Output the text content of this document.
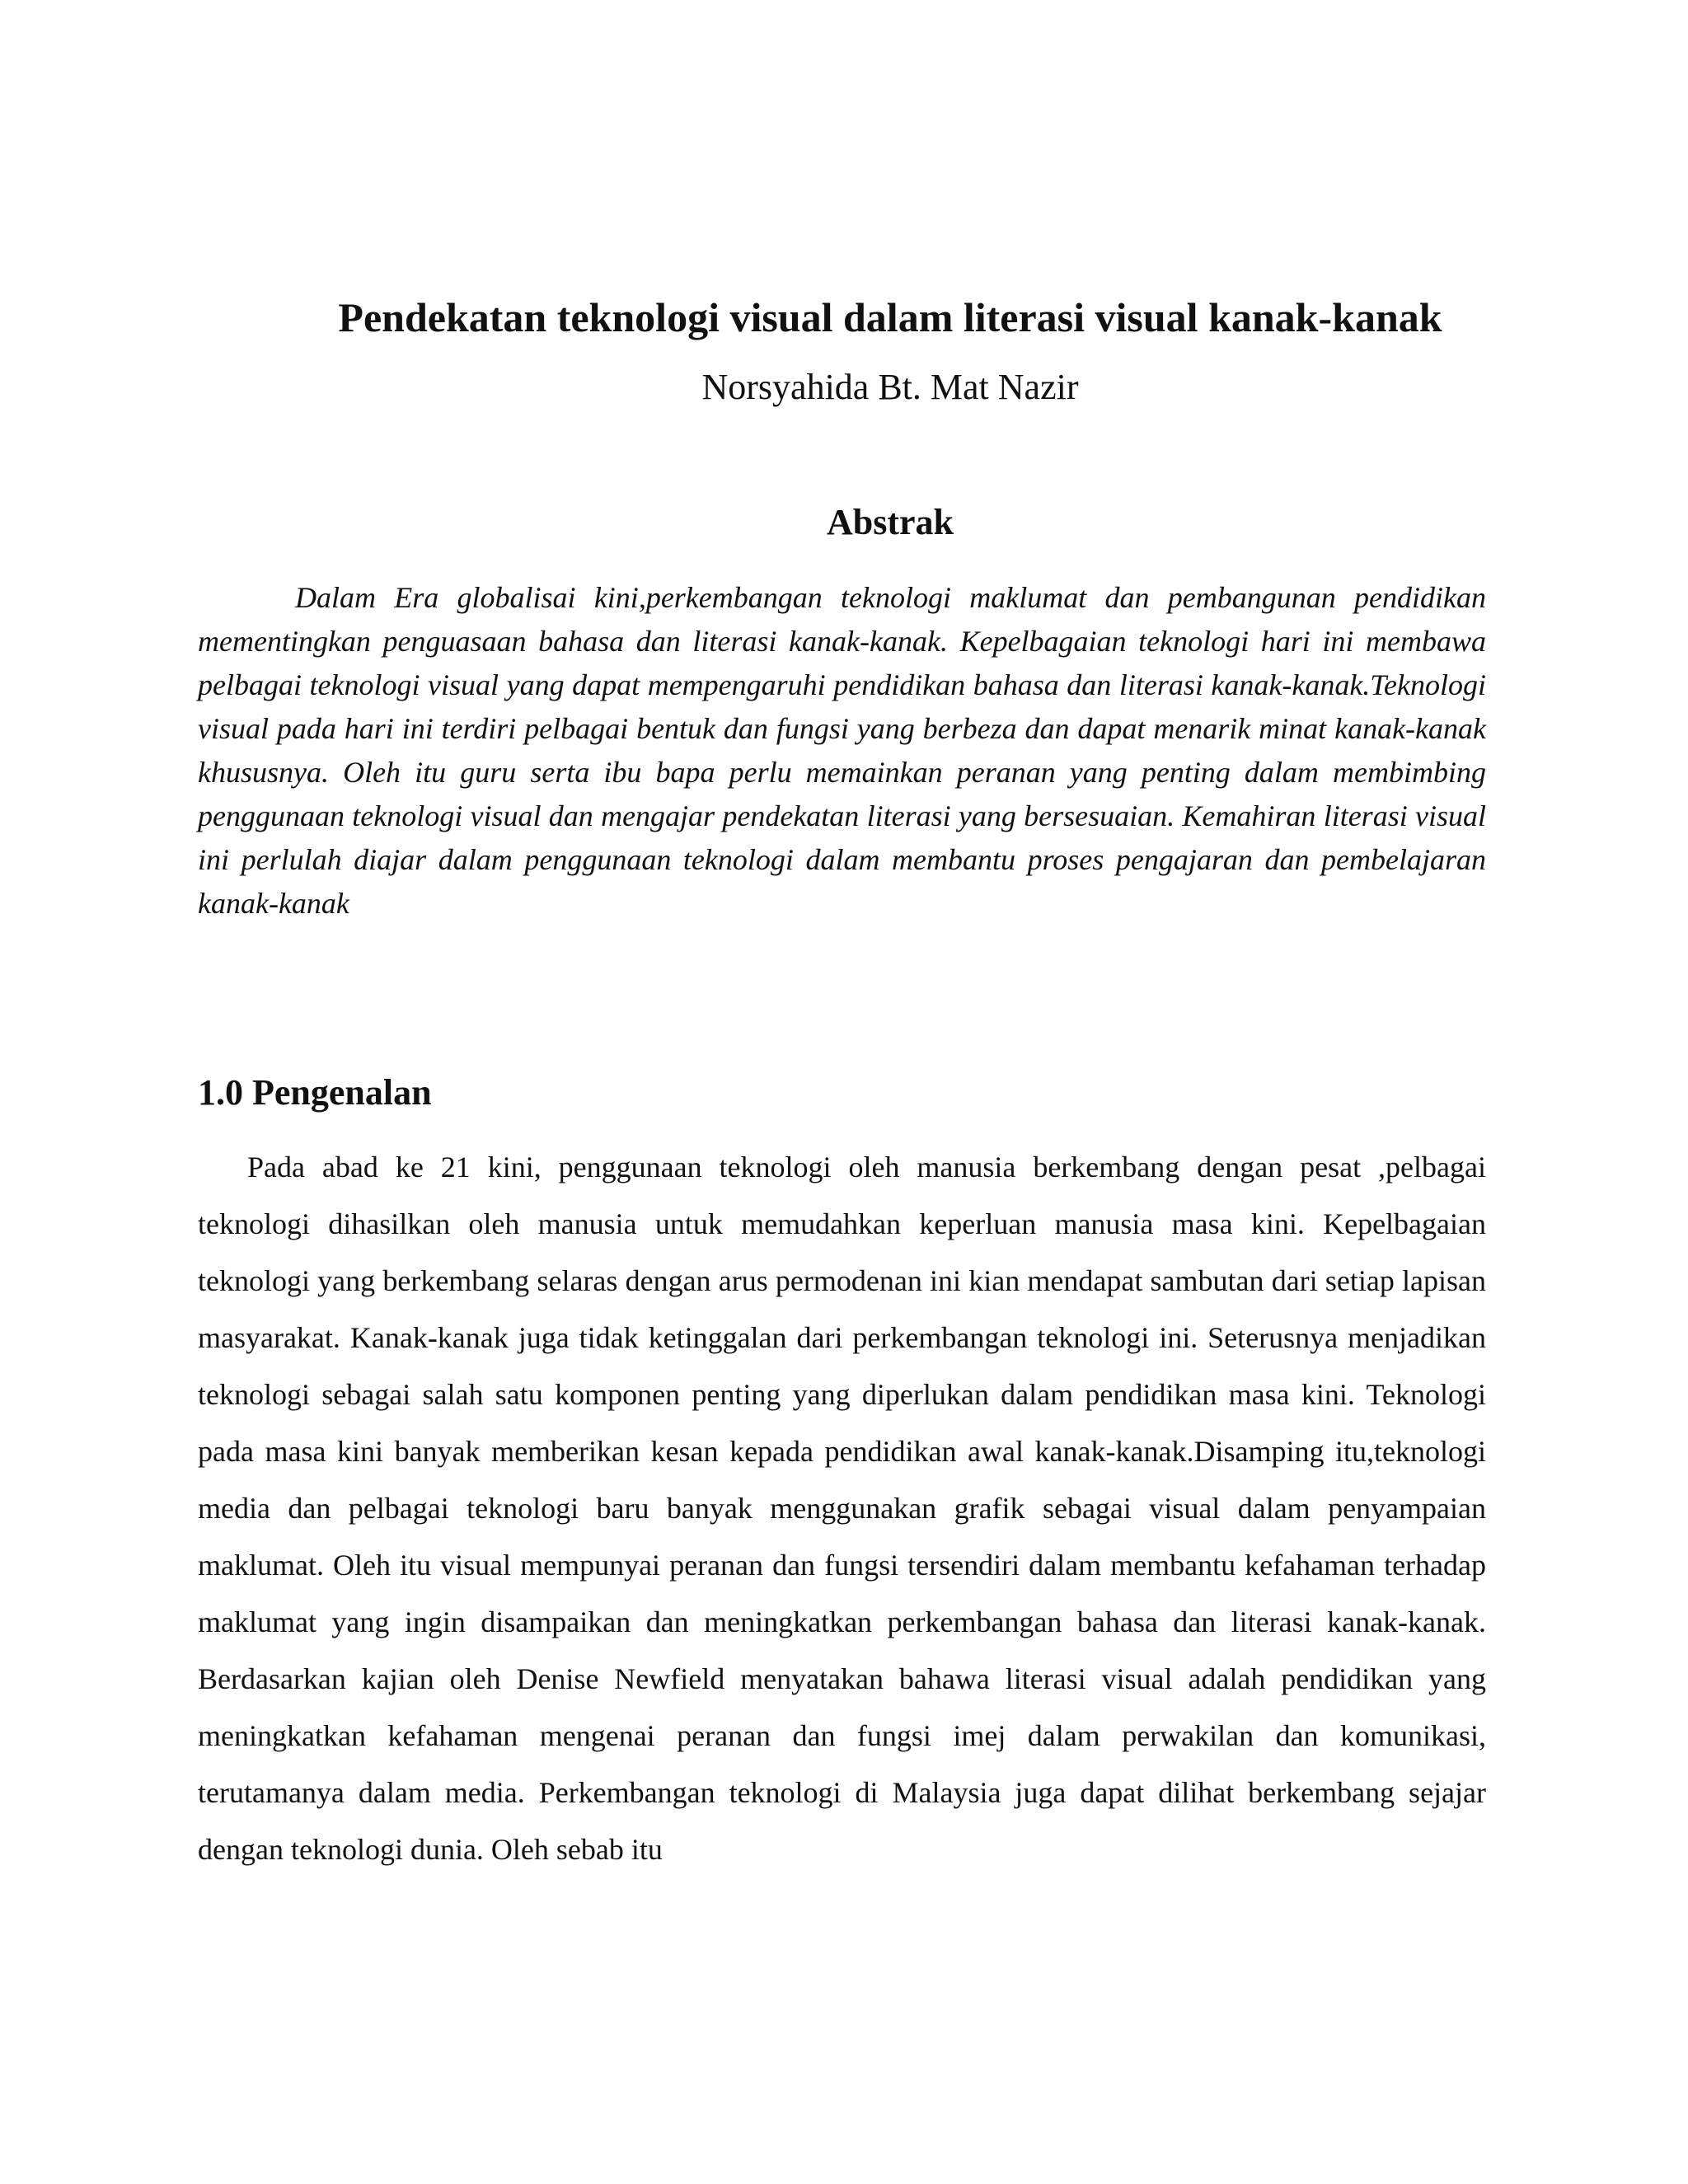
Pendekatan teknologi visual dalam literasi visual kanak-kanak

Norsyahida Bt. Mat Nazir

Abstrak

Dalam Era globalisai kini,perkembangan teknologi maklumat dan pembangunan pendidikan mementingkan penguasaan bahasa dan literasi kanak-kanak. Kepelbagaian teknologi hari ini membawa pelbagai teknologi visual yang dapat mempengaruhi pendidikan bahasa dan literasi kanak-kanak.Teknologi visual pada hari ini terdiri pelbagai bentuk dan fungsi yang berbeza dan dapat menarik minat kanak-kanak khususnya. Oleh itu guru serta ibu bapa perlu memainkan peranan yang penting dalam membimbing penggunaan teknologi visual dan mengajar pendekatan literasi yang bersesuaian. Kemahiran literasi visual ini perlulah diajar dalam penggunaan teknologi dalam membantu proses pengajaran dan pembelajaran kanak-kanak

1.0 Pengenalan

Pada abad ke 21 kini, penggunaan teknologi oleh manusia berkembang dengan pesat ,pelbagai teknologi dihasilkan oleh manusia untuk memudahkan keperluan manusia masa kini. Kepelbagaian teknologi yang berkembang selaras dengan arus permodenan ini kian mendapat sambutan dari setiap lapisan masyarakat. Kanak-kanak juga tidak ketinggalan dari perkembangan teknologi ini. Seterusnya menjadikan teknologi sebagai salah satu komponen penting yang diperlukan dalam pendidikan masa kini. Teknologi pada masa kini banyak memberikan kesan kepada pendidikan awal kanak-kanak.Disamping itu,teknologi media dan pelbagai teknologi baru banyak menggunakan grafik sebagai visual dalam penyampaian maklumat. Oleh itu visual mempunyai peranan dan fungsi tersendiri dalam membantu kefahaman terhadap maklumat yang ingin disampaikan dan meningkatkan perkembangan bahasa dan literasi kanak-kanak. Berdasarkan kajian oleh Denise Newfield menyatakan bahawa literasi visual adalah pendidikan yang meningkatkan kefahaman mengenai peranan dan fungsi imej dalam perwakilan dan komunikasi, terutamanya dalam media. Perkembangan teknologi di Malaysia juga dapat dilihat berkembang sejajar dengan teknologi dunia. Oleh sebab itu
